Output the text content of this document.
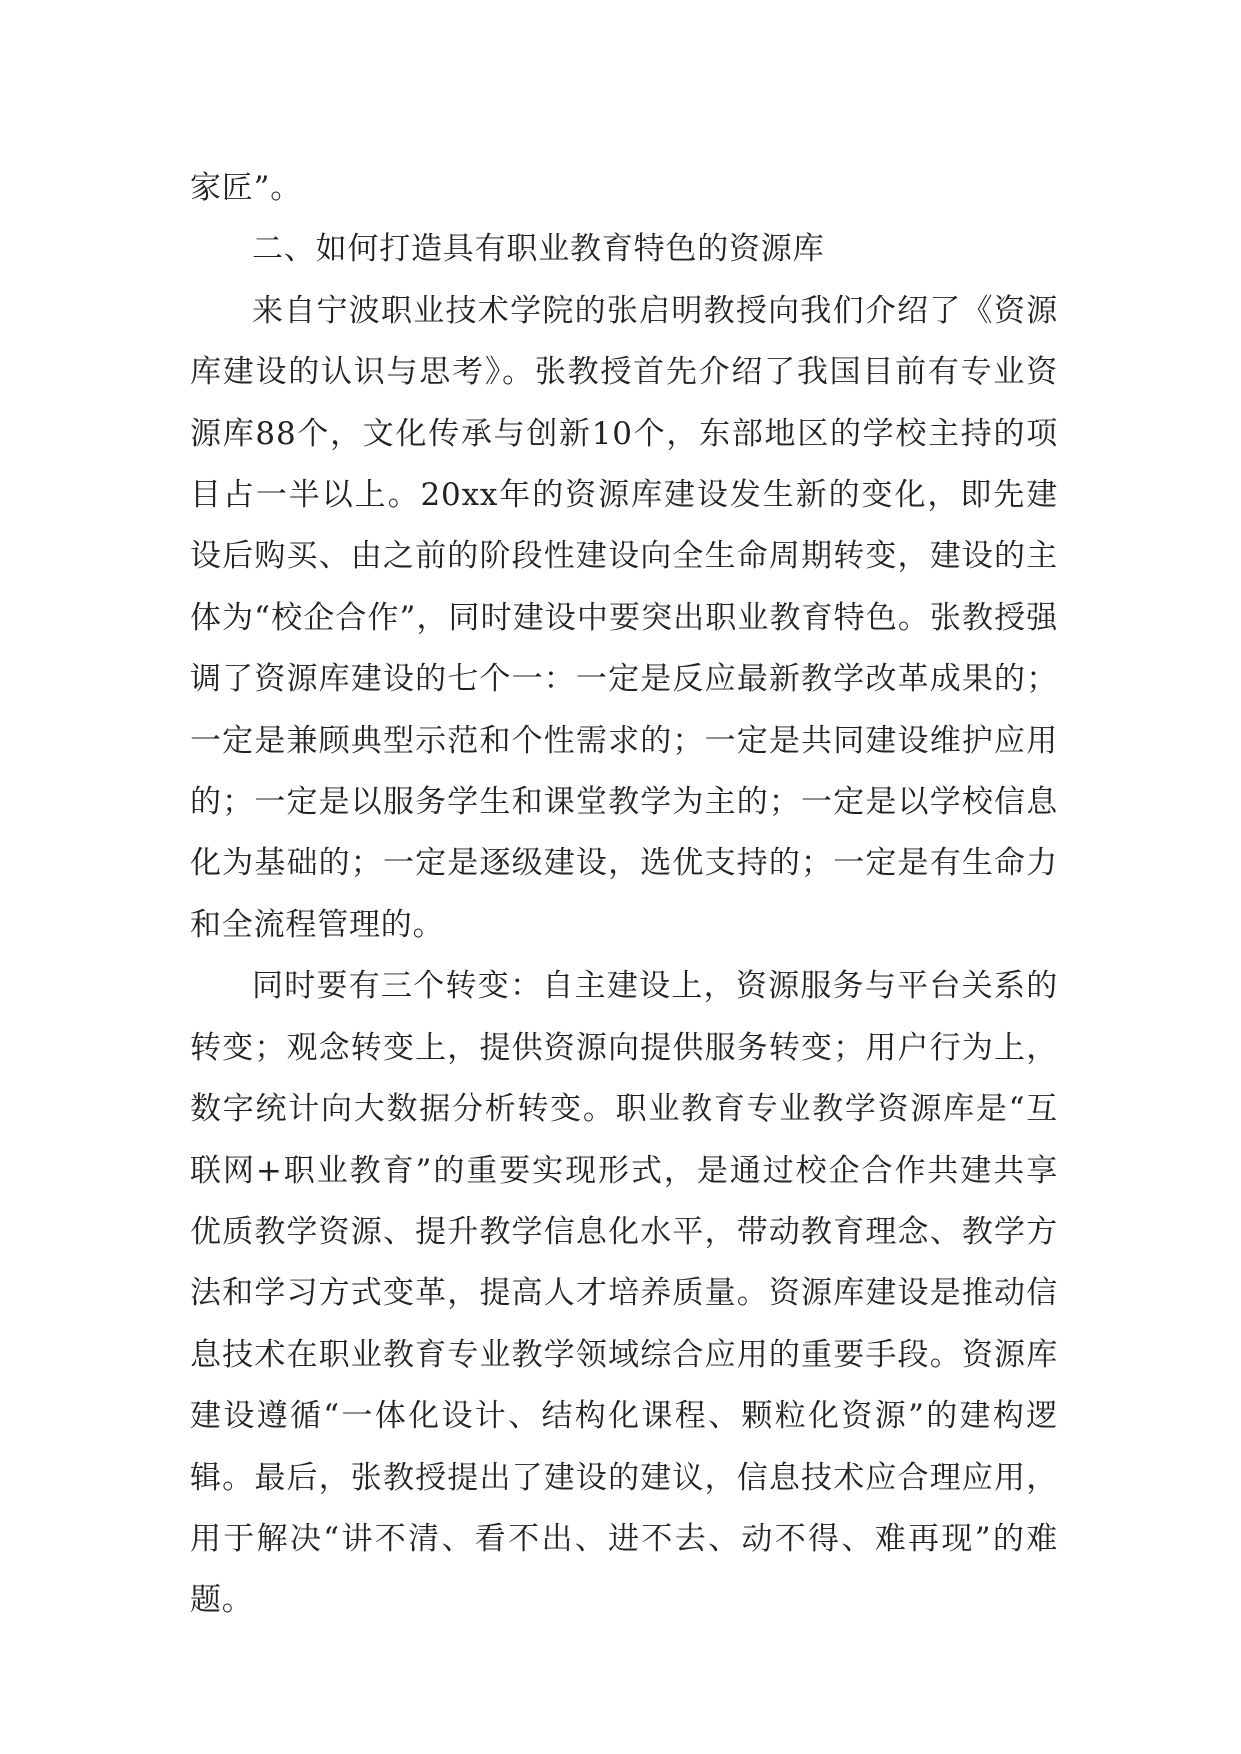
家匠”。

二、如何打造具有职业教育特色的资源库

来自宁波职业技术学院的张启明教授向我们介绍了《资源库建设的认识与思考》。张教授首先介绍了我国目前有专业资源库88个，文化传承与创新10个，东部地区的学校主持的项目占一半以上。20xx年的资源库建设发生新的变化，即先建设后购买、由之前的阶段性建设向全生命周期转变，建设的主体为“校企合作”，同时建设中要突出职业教育特色。张教授强调了资源库建设的七个一：一定是反应最新教学改革成果的；一定是兼顾典型示范和个性需求的；一定是共同建设维护应用的；一定是以服务学生和课堂教学为主的；一定是以学校信息化为基础的；一定是逐级建设，选优支持的；一定是有生命力和全流程管理的。

同时要有三个转变：自主建设上，资源服务与平台关系的转变；观念转变上，提供资源向提供服务转变；用户行为上，数字统计向大数据分析转变。职业教育专业教学资源库是“互联网+职业教育”的重要实现形式，是通过校企合作共建共享优质教学资源、提升教学信息化水平，带动教育理念、教学方法和学习方式变革，提高人才培养质量。资源库建设是推动信息技术在职业教育专业教学领域综合应用的重要手段。资源库建设遵循“一体化设计、结构化课程、颗粒化资源”的建构逻辑。最后，张教授提出了建设的建议，信息技术应合理应用，用于解决“讲不清、看不出、进不去、动不得、难再现”的难题。
